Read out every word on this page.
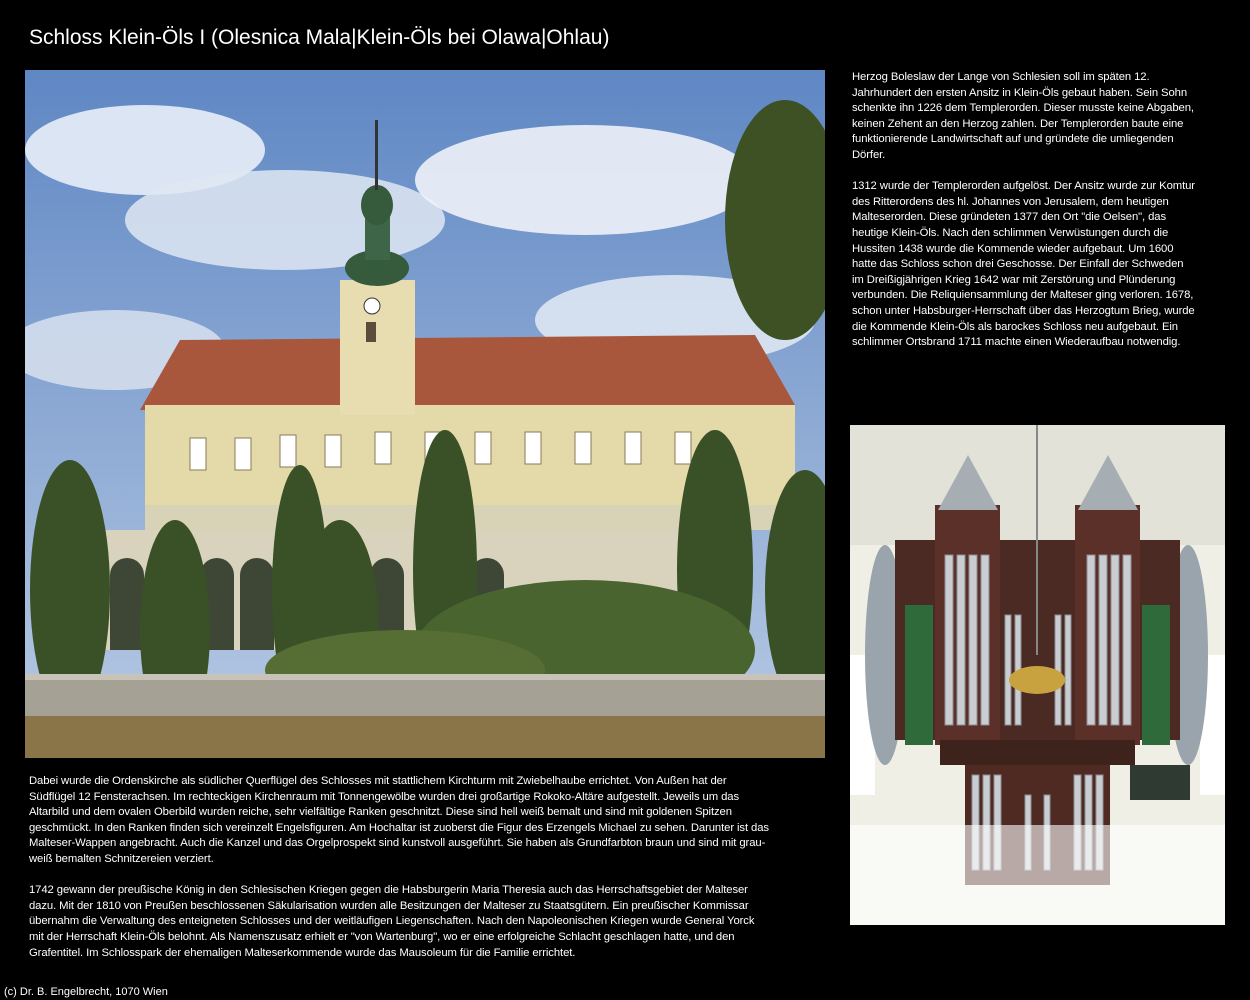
Schloss Klein-Öls I (Olesnica Mala|Klein-Öls bei Olawa|Ohlau)

Herzog Boleslaw der Lange von Schlesien soll im späten 12. Jahrhundert den ersten Ansitz in Klein-Öls gebaut haben. Sein Sohn schenkte ihn 1226 dem Templerorden. Dieser musste keine Abgaben, keinen Zehent an den Herzog zahlen. Der Templerorden baute eine funktionierende Landwirtschaft auf und gründete die umliegenden Dörfer.

1312 wurde der Templerorden aufgelöst. Der Ansitz wurde zur Komtur des Ritterordens des hl. Johannes von Jerusalem, dem heutigen Malteserorden. Diese gründeten 1377 den Ort "die Oelsen", das heutige Klein-Öls. Nach den schlimmen Verwüstungen durch die Hussiten 1438 wurde die Kommende wieder aufgebaut. Um 1600 hatte das Schloss schon drei Geschosse. Der Einfall der Schweden im Dreißigjährigen Krieg 1642 war mit Zerstörung und Plünderung verbunden. Die Reliquiensammlung der Malteser ging verloren. 1678, schon unter Habsburger-Herrschaft über das Herzogtum Brieg, wurde die Kommende Klein-Öls als barockes Schloss neu aufgebaut. Ein schlimmer Ortsbrand 1711 machte einen Wiederaufbau notwendig.

Dabei wurde die Ordenskirche als südlicher Querflügel des Schlosses mit stattlichem Kirchturm mit Zwiebelhaube errichtet. Von Außen hat der Südflügel 12 Fensterachsen. Im rechteckigen Kirchenraum mit Tonnengewölbe wurden drei großartige Rokoko-Altäre aufgestellt. Jeweils um das Altarbild und dem ovalen Oberbild wurden reiche, sehr vielfältige Ranken geschnitzt. Diese sind hell weiß bemalt und sind mit goldenen Spitzen geschmückt. In den Ranken finden sich vereinzelt Engelsfiguren. Am Hochaltar ist zuoberst die Figur des Erzengels Michael zu sehen. Darunter ist das Malteser-Wappen angebracht. Auch die Kanzel und das Orgelprospekt sind kunstvoll ausgeführt. Sie haben als Grundfarbton braun und sind mit grau-weiß bemalten Schnitzereien verziert.

1742 gewann der preußische König in den Schlesischen Kriegen gegen die Habsburgerin Maria Theresia auch das Herrschaftsgebiet der Malteser dazu. Mit der 1810 von Preußen beschlossenen Säkularisation wurden alle Besitzungen der Malteser zu Staatsgütern. Ein preußischer Kommissar übernahm die Verwaltung des enteigneten Schlosses und der weitläufigen Liegenschaften. Nach den Napoleonischen Kriegen wurde General Yorck mit der Herrschaft Klein-Öls belohnt. Als Namenszusatz erhielt er "von Wartenburg", wo er eine erfolgreiche Schlacht geschlagen hatte, und den Grafentitel. Im Schlosspark der ehemaligen Malteserkommende wurde das Mausoleum für die Familie errichtet.

(c) Dr. B. Engelbrecht, 1070 Wien
